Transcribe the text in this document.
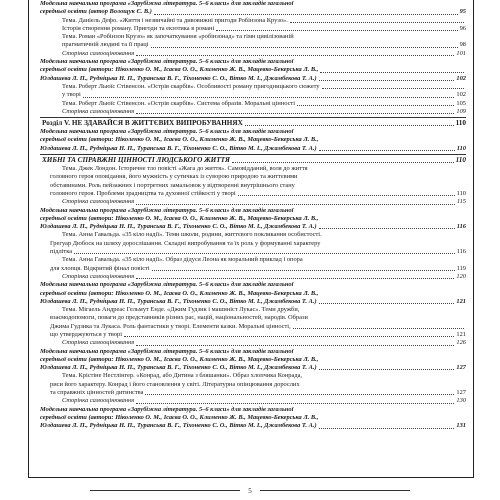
Модельна навчальна програма «Зарубіжна література. 5–6 класи» для закладів загальної
середньої освіти (автор Волощук Є. В.)	95
Тема. Даніель Дефо. «Життя і незвичайні та дивовижні пригоди Робінзона Крузо».
Історія створення роману. Пригоди та екзотика в романі	96
Тема. Роман «Робінзон Крузо» як започаткування «робінзонад» та гімн цивілізованій
прагматичній людині та її праці	98
Сторінка самооцінювання	101
Модельна навчальна програма «Зарубіжна література. 5–6 класи» для закладів загальної
середньої освіти (автори: Ніколенко О. М., Ісаєва О. О., Клименко Ж. В., Мацевко-Бекерська Л. В.,
Юлдашева Л. П., Рудніцька Н. П., Туранська В. Г., Тіхоненко С. О., Вітко М. І., Джамбекова Т. А.)	102
Тема. Роберт Льюїс Стівенсон. «Острів скарбів». Особливості роману пригодницького сюжету
у творі	102
Тема. Роберт Льюїс Стівенсон. «Острів скарбів». Система образів. Моральні цінності	105
Сторінка самооцінювання	109
Розділ V. НЕ ЗДАВАЙСЯ В ЖИТТЄВИХ ВИПРОБУВАННЯХ	110
Модельна навчальна програма «Зарубіжна література. 5–6 класи» для закладів загальної
середньої освіти (автори: Ніколенко О. М., Ісаєва О. О., Клименко Ж. В., Мацевко-Бекерська Л. В.,
Юлдашева Л. П., Рудніцька Н. П., Туранська В. Г., Тіхоненко С. О., Вітко М. І., Джамбекова Т. А.)	110
ХИБНІ ТА СПРАВЖНІ ЦІННОСТІ ЛЮДСЬКОГО ЖИТТЯ	110
Тема. Джек Лондон. Історичне тло повісті «Жага до життя». Самовідданий, воля до життя
головного героя оповідання, його мужність у сутичках із суворою природою та життєвими
обставинами. Роль пейзажних і портретних замальовок у відтворенні внутрішнього стану
головного героя. Проблеми зрадництва та духовної стійкості у творі	110
Сторінка самооцінювання	115
Модельна навчальна програма «Зарубіжна література. 5–6 класи» для закладів загальної
середньої освіти (автори: Ніколенко О. М., Ісаєва О. О., Клименко Ж. В., Мацевко-Бекерська Л. В.,
Юлдашева Л. П., Рудніцька Н. П., Туранська В. Г., Тіхоненко С. О., Вітко М. І., Джамбекова Т. А.)	116
Тема. Анна Гавальда. «35 кіло надії». Теми школи, родини, життєвого покликання особистості.
Грегуар Дюбоск на шляху дорослішання. Складні випробування та їх роль у формуванні характеру
підлітка	116
Тема. Анна Гавальда. «35 кіло надії». Образ дідуся Леона як моральний приклад і опора
для хлопця. Відкритий фінал повісті	119
Сторінка самооцінювання	120
Модельна навчальна програма «Зарубіжна література. 5–6 класи» для закладів загальної
середньої освіти (автори: Ніколенко О. М., Ісаєва О. О., Клименко Ж. В., Мацевко-Бекерська Л. В.,
Юлдашева Л. П., Рудніцька Н. П., Туранська В. Г., Тіхоненко С. О., Вітко М. І., Джамбекова Т. А.)	121
Тема. Мігаель Андреас Гельмут Енде. «Джим Гудзик і машиніст Лукас». Теми дружби,
взаємодопомоги, поваги до представників різних рас, націй, національностей, народів. Образи
Джима Гудзика та Лукаса. Роль фантастики у творі. Елементи казки. Моральні цінності,
що утверджуються у творі	121
Сторінка самооцінювання	126
Модельна навчальна програма «Зарубіжна література. 5–6 класи» для закладів загальної
середньої освіти (автори: Ніколенко О. М., Ісаєва О. О., Клименко Ж. В., Мацевко-Бекерська Л. В.,
Юлдашева Л. П., Рудніцька Н. П., Туранська В. Г., Тіхоненко С. О., Вітко М. І., Джамбекова Т. А.)	127
Тема. Крістіне Нестлінгер. «Конрад, або Дитина з бляшанки». Образ хлопчика Конрада,
риси його характеру. Конрад і його становлення у світі. Літературна опінцювання дорослих
та справжніх цінностей дитинства	127
Сторінка самооцінювання	130
Модельна навчальна програма «Зарубіжна література. 5–6 класи» для закладів загальної
середньої освіти (автори: Ніколенко О. М., Ісаєва О. О., Клименко Ж. В., Мацевко-Бекерська Л. В.,
Юлдашева Л. П., Рудніцька Н. П., Туранська В. Г., Тіхоненко С. О., Вітко М. І., Джамбекова Т. А.)	131
5
